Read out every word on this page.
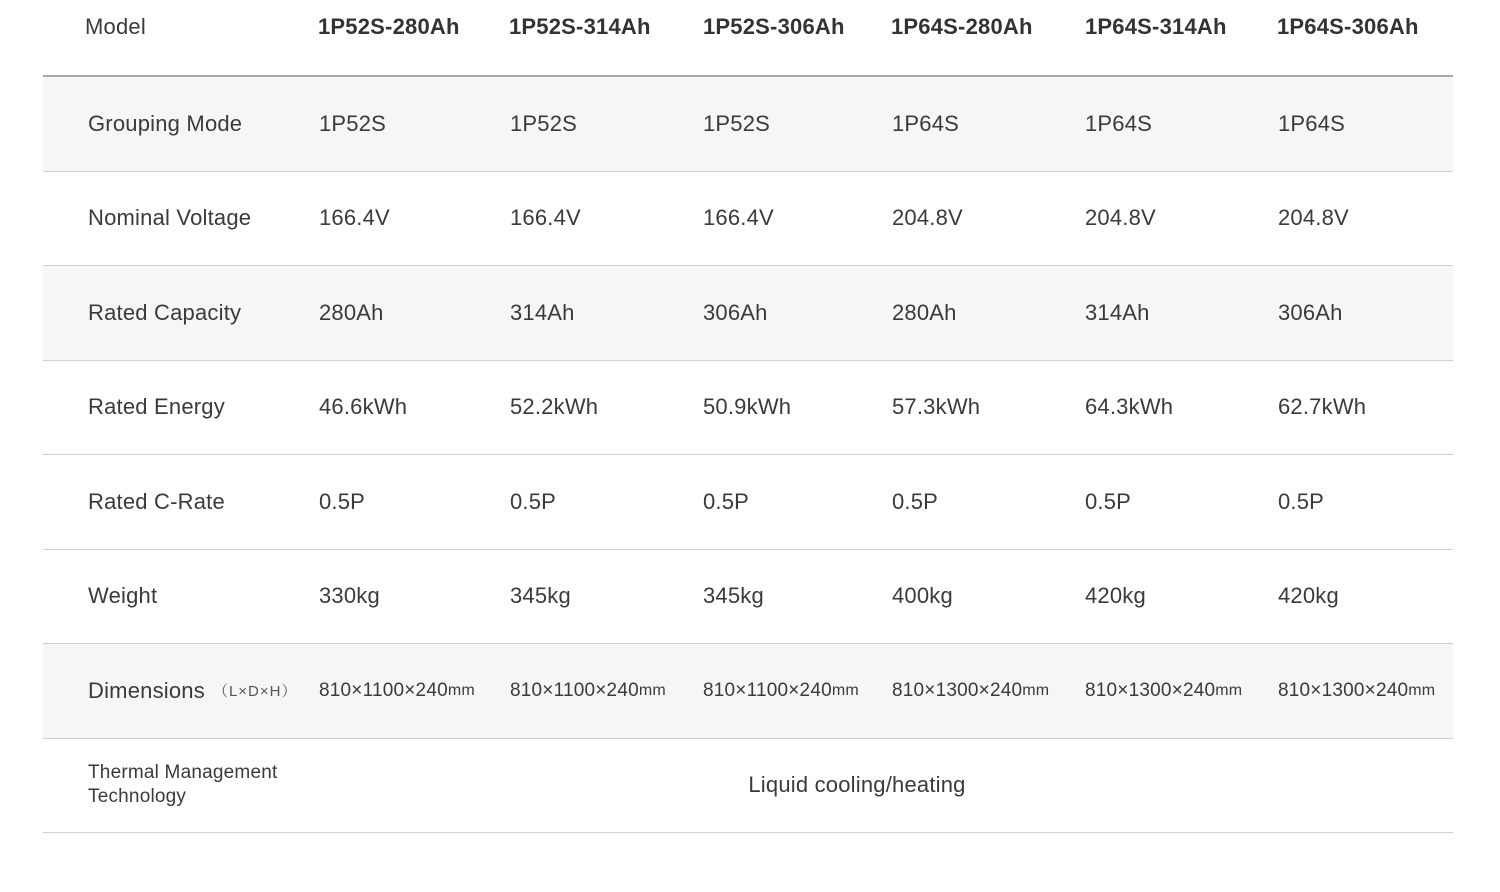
Model	1P52S-280Ah 1P52S-314Ah 1P52S-306Ah 1P64S-280Ah 1P64S-314Ah 1P64S-306Ah
Grouping Mode	1P52S	1P52S	1P52S	1P64S	1P64S	1P64S
Nominal Voltage	166.4V	166.4V	166.4V	204.8V	204.8V	204.8V
Rated Capacity	280Ah	314Ah	306Ah	280Ah	314Ah	306Ah
Rated Energy	46.6kWh	52.2kWh	50.9kWh	57.3kWh	64.3kWh	62.7kWh
Rated C-Rate	0.5P	0.5P	0.5P	0.5P	0.5P	0.5P
Weight	330kg	345kg	345kg	400kg	420kg	420kg
Dimensions （L×D×H） 810×1100×240 mm 810×1100×240 mm 810×1100×240 mm 810×1300×240 mm 810×1300×240 mm 810×1300×240 mm
Thermal Management
Technology	Liquid cooling/heating
